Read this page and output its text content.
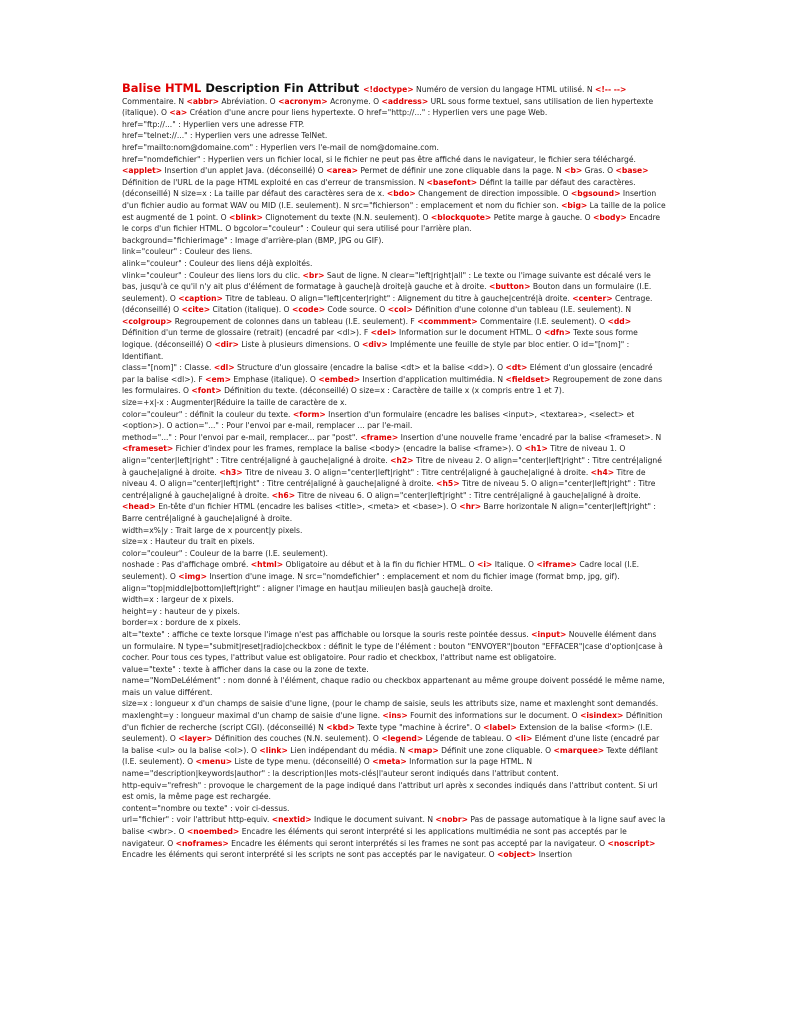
Balise HTML Description Fin Attribut <!doctype> Numéro de version du langage HTML utilisé. N <!-- --> Commentaire. N <abbr> Abréviation. O <acronym> Acronyme. O <address> URL sous forme textuel, sans utilisation de lien hypertexte (italique). O <a> Création d'une ancre pour liens hypertexte. O href="http://..." : Hyperlien vers une page Web.
href="ftp://..." : Hyperlien vers une adresse FTP.
href="telnet://..." : Hyperlien vers une adresse TelNet.
href="mailto:nom@domaine.com" : Hyperlien vers l'e-mail de nom@domaine.com.
href="nomdefichier" : Hyperlien vers un fichier local, si le fichier ne peut pas être affiché dans le navigateur, le fichier sera téléchargé. <applet> Insertion d'un applet Java. (déconseillé) O <area> Permet de définir une zone cliquable dans la page. N <b> Gras. O <base> Définition de l'URL de la page HTML exploité en cas d'erreur de transmission. N <basefont> Défint la taille par défaut des caractères. (déconseillé) N size=x : La taille par défaut des caractères sera de x. <bdo> Changement de direction impossible. O <bgsound> Insertion d'un fichier audio au format WAV ou MID (I.E. seulement). N src="fichierson" : emplacement et nom du fichier son. <big> La taille de la police est augmenté de 1 point. O <blink> Clignotement du texte (N.N. seulement). O <blockquote> Petite marge à gauche. O <body> Encadre le corps d'un fichier HTML. O bgcolor="couleur" : Couleur qui sera utilisé pour l'arrière plan.
background="fichierimage" : Image d'arrière-plan (BMP, JPG ou GIF).
link="couleur" : Couleur des liens.
alink="couleur" : Couleur des liens déjà exploités.
vlink="couleur" : Couleur des liens lors du clic. <br> Saut de ligne. N clear="left|right|all" : Le texte ou l'image suivante est décalé vers le bas, jusqu'à ce qu'il n'y ait plus d'élément de formatage à gauche|à droite|à gauche et à droite. <button> Bouton dans un formulaire (I.E. seulement). O <caption> Titre de tableau. O align="left|center|right" : Alignement du titre à gauche|centré|à droite. <center> Centrage. (déconseillé) O <cite> Citation (italique). O <code> Code source. O <col> Définition d'une colonne d'un tableau (I.E. seulement). N <colgroup> Regroupement de colonnes dans un tableau (I.E. seulement). F <commment> Commentaire (I.E. seulement). O <dd> Définition d'un terme de glossaire (retrait) (encadré par <dl>). F <del> Information sur le document HTML. O <dfn> Texte sous forme logique. (déconseillé) O <dir> Liste à plusieurs dimensions. O <div> Implémente une feuille de style par bloc entier. O id="[nom]" : Identifiant.
class="[nom]" : Classe. <dl> Structure d'un glossaire (encadre la balise <dt> et la balise <dd>). O <dt> Elément d'un glossaire (encadré par la balise <dl>). F <em> Emphase (italique). O <embed> Insertion d'application multimédia. N <fieldset> Regroupement de zone dans les formulaires. O <font> Définition du texte. (déconseillé) O size=x : Caractère de taille x (x compris entre 1 et 7).
size=+x|-x : Augmenter|Réduire la taille de caractère de x.
color="couleur" : définit la couleur du texte. <form> Insertion d'un formulaire (encadre les balises <input>, <textarea>, <select> et <option>). O action="..." : Pour l'envoi par e-mail, remplacer ... par l'e-mail.
method="..." : Pour l'envoi par e-mail, remplacer... par "post". <frame> Insertion d'une nouvelle frame 'encadré par la balise <frameset>. N <frameset> Fichier d'index pour les frames, remplace la balise <body> (encadre la balise <frame>). O <h1> Titre de niveau 1. O align="center|left|right" : Titre centré|aligné à gauche|aligné à droite. <h2> Titre de niveau 2. O align="center|left|right" : Titre centré|aligné à gauche|aligné à droite. <h3> Titre de niveau 3. O align="center|left|right" : Titre centré|aligné à gauche|aligné à droite. <h4> Titre de niveau 4. O align="center|left|right" : Titre centré|aligné à gauche|aligné à droite. <h5> Titre de niveau 5. O align="center|left|right" : Titre centré|aligné à gauche|aligné à droite. <h6> Titre de niveau 6. O align="center|left|right" : Titre centré|aligné à gauche|aligné à droite. <head> En-tête d'un fichier HTML (encadre les balises <title>, <meta> et <base>). O <hr> Barre horizontale N align="center|left|right" : Barre centré|aligné à gauche|aligné à droite.
width=x%|y : Trait large de x pourcent|y pixels.
size=x : Hauteur du trait en pixels.
color="couleur" : Couleur de la barre (I.E. seulement).
noshade : Pas d'affichage ombré. <html> Obligatoire au début et à la fin du fichier HTML. O <i> Italique. O <iframe> Cadre local (I.E. seulement). O <img> Insertion d'une image. N src="nomdefichier" : emplacement et nom du fichier image (format bmp, jpg, gif).
align="top|middle|bottom|left|right" : aligner l'image en haut|au milieu|en bas|à gauche|à droite.
width=x : largeur de x pixels.
height=y : hauteur de y pixels.
border=x : bordure de x pixels.
alt="texte" : affiche ce texte lorsque l'image n'est pas affichable ou lorsque la souris reste pointée dessus. <input> Nouvelle élément dans un formulaire. N type="submit|reset|radio|checkbox : définit le type de l'élément : bouton "ENVOYER"|bouton "EFFACER"|case d'option|case à cocher. Pour tous ces types, l'attribut value est obligatoire. Pour radio et checkbox, l'attribut name est obligatoire.
value="texte" : texte à afficher dans la case ou la zone de texte.
name="NomDeLélément" : nom donné à l'élément, chaque radio ou checkbox appartenant au même groupe doivent possédé le même name, mais un value différent.
size=x : longueur x d'un champs de saisie d'une ligne, (pour le champ de saisie, seuls les attributs size, name et maxlenght sont demandés.
maxlenght=y : longueur maximal d'un champ de saisie d'une ligne. <ins> Fournit des informations sur le document. O <isindex> Définition d'un fichier de recherche (script CGI). (déconseillé) N <kbd> Texte type "machine à écrire". O <label> Extension de la balise <form> (I.E. seulement). O <layer> Définition des couches (N.N. seulement). O <legend> Légende de tableau. O <li> Elément d'une liste (encadré par la balise <ul> ou la balise <ol>). O <link> Lien indépendant du média. N <map> Définit une zone cliquable. O <marquee> Texte défilant (I.E. seulement). O <menu> Liste de type menu. (déconseillé) O <meta> Information sur la page HTML. N name="description|keywords|author" : la description|les mots-clés|l'auteur seront indiqués dans l'attribut content.
http-equiv="refresh" : provoque le chargement de la page indiqué dans l'attribut url après x secondes indiqués dans l'attribut content. Si url est omis, la même page est rechargée.
content="nombre ou texte" : voir ci-dessus.
url="fichier" : voir l'attribut http-equiv. <nextid> Indique le document suivant. N <nobr> Pas de passage automatique à la ligne sauf avec la balise <wbr>. O <noembed> Encadre les éléments qui seront interprété si les applications multimédia ne sont pas acceptés par le navigateur. O <noframes> Encadre les éléments qui seront interprétés si les frames ne sont pas accepté par la navigateur. O <noscript> Encadre les éléments qui seront interprété si les scripts ne sont pas acceptés par le navigateur. O <object> Insertion
